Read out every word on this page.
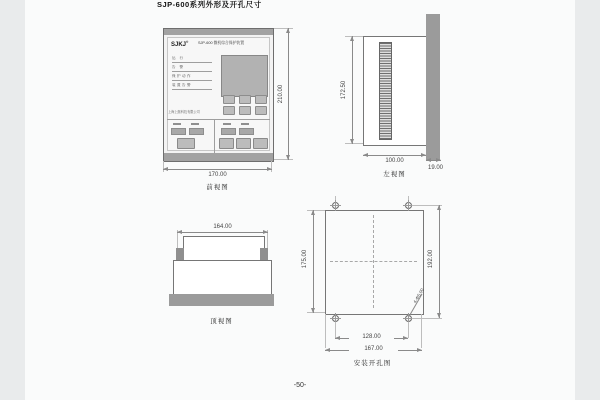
SJP-600系列外形及开孔尺寸
SJKJ®	SJP-600 微机综合保护装置
运 行
告 警
保护动作
装置告警
上海上继科技有限公司
210.00
170.00
前视图
172.50
100.00
19.00
左视图
164.00
顶视图
175.00	192.00
128.00
167.00
4-Φ5.00
安装开孔图
-50-
